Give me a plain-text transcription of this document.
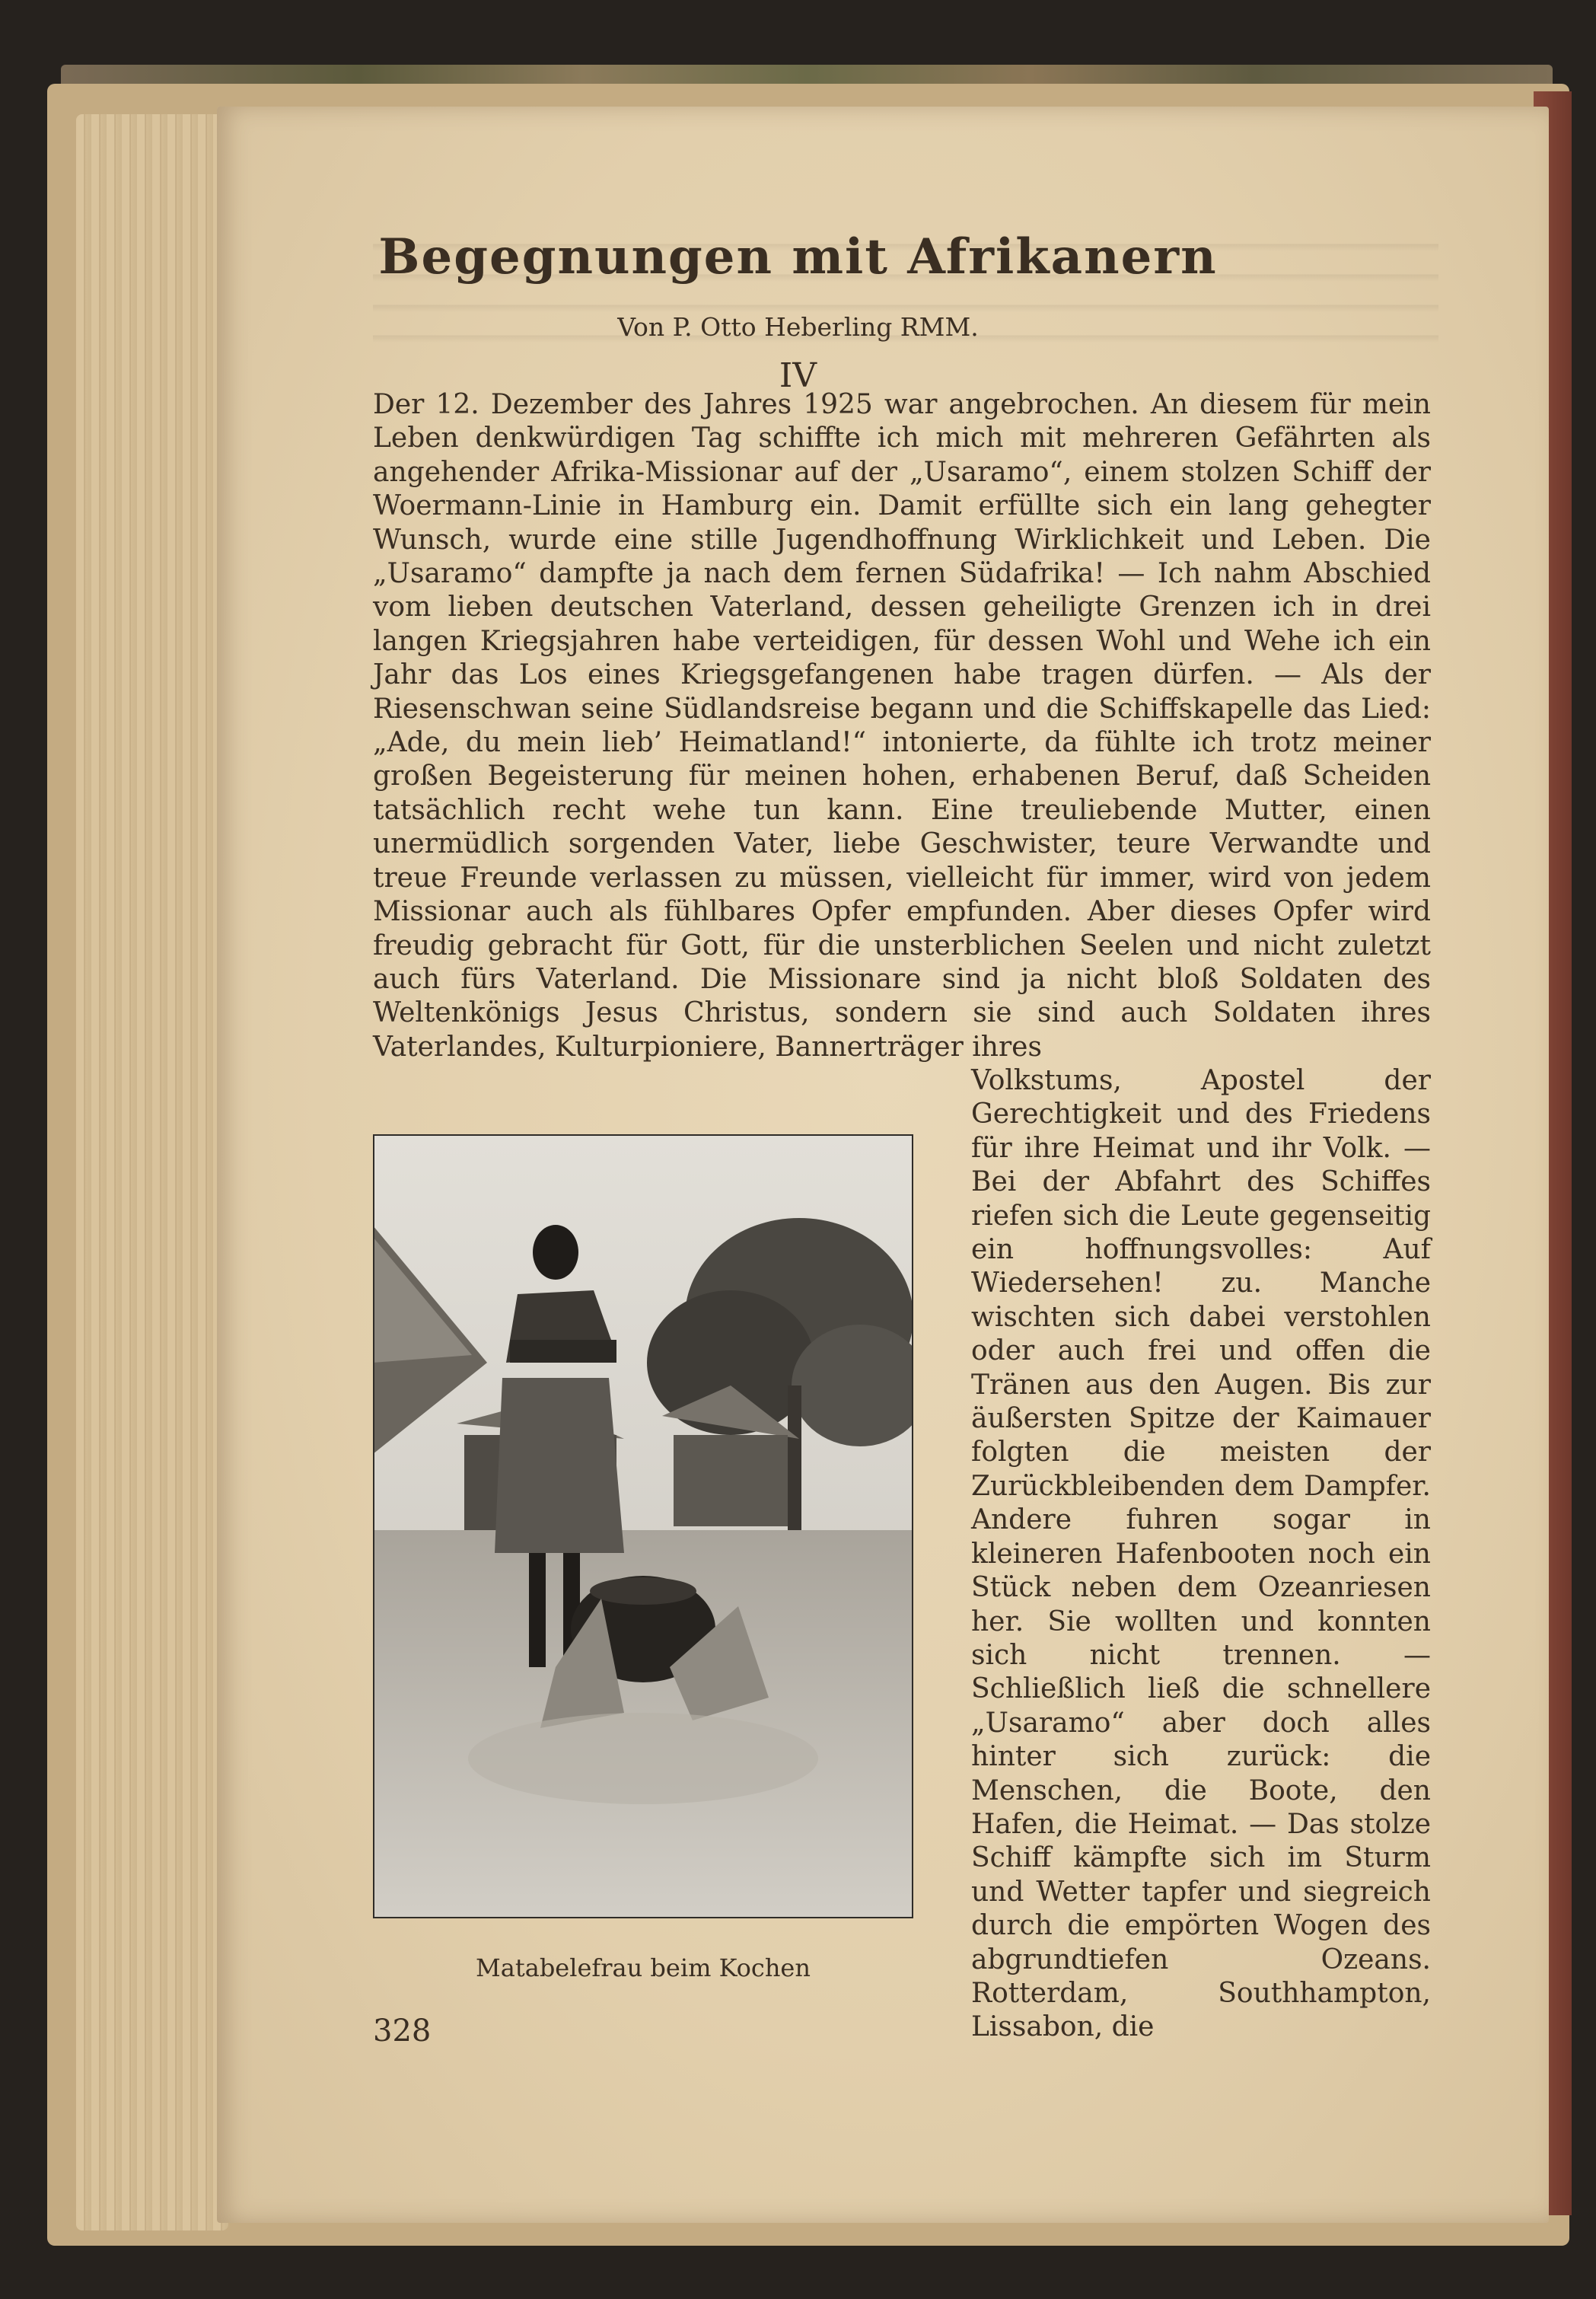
Begegnungen mit Afrikanern
Von P. Otto Heberling RMM.
IV

Der 12. Dezember des Jahres 1925 war angebrochen. An diesem für mein Leben denkwürdigen Tag schiffte ich mich mit mehreren Gefährten als angehender Afrika-Missionar auf der „Usaramo“, einem stolzen Schiff der Woermann-Linie in Hamburg ein. Damit erfüllte sich ein lang gehegter Wunsch, wurde eine stille Jugendhoffnung Wirklichkeit und Leben. Die „Usaramo“ dampfte ja nach dem fernen Südafrika! — Ich nahm Abschied vom lieben deutschen Vaterland, dessen geheiligte Grenzen ich in drei langen Kriegsjahren habe verteidigen, für dessen Wohl und Wehe ich ein Jahr das Los eines Kriegsgefangenen habe tragen dürfen. — Als der Riesenschwan seine Südlandsreise begann und die Schiffskapelle das Lied: „Ade, du mein lieb’ Heimatland!“ intonierte, da fühlte ich trotz meiner großen Begeisterung für meinen hohen, erhabenen Beruf, daß Scheiden tatsächlich recht wehe tun kann. Eine treuliebende Mutter, einen unermüdlich sorgenden Vater, liebe Geschwister, teure Verwandte und treue Freunde verlassen zu müssen, vielleicht für immer, wird von jedem Missionar auch als fühlbares Opfer empfunden. Aber dieses Opfer wird freudig gebracht für Gott, für die unsterblichen Seelen und nicht zuletzt auch fürs Vaterland. Die Missionare sind ja nicht bloß Soldaten des Weltenkönigs Jesus Christus, sondern sie sind auch Soldaten ihres Vaterlandes, Kulturpioniere, Bannerträger ihres

Volkstums, Apostel der Gerechtigkeit und des Friedens für ihre Heimat und ihr Volk. — Bei der Abfahrt des Schiffes riefen sich die Leute gegenseitig ein hoffnungsvolles: Auf Wiedersehen! zu. Manche wischten sich dabei verstohlen oder auch frei und offen die Tränen aus den Augen. Bis zur äußersten Spitze der Kaimauer folgten die meisten der Zurückbleibenden dem Dampfer. Andere fuhren sogar in kleineren Hafenbooten noch ein Stück neben dem Ozeanriesen her. Sie wollten und konnten sich nicht trennen. — Schließlich ließ die schnellere „Usaramo“ aber doch alles hinter sich zurück: die Menschen, die Boote, den Hafen, die Heimat. — Das stolze Schiff kämpfte sich im Sturm und Wetter tapfer und siegreich durch die empörten Wogen des abgrundtiefen Ozeans. Rotterdam, Southhampton, Lissabon, die

Matabelefrau beim Kochen
328
